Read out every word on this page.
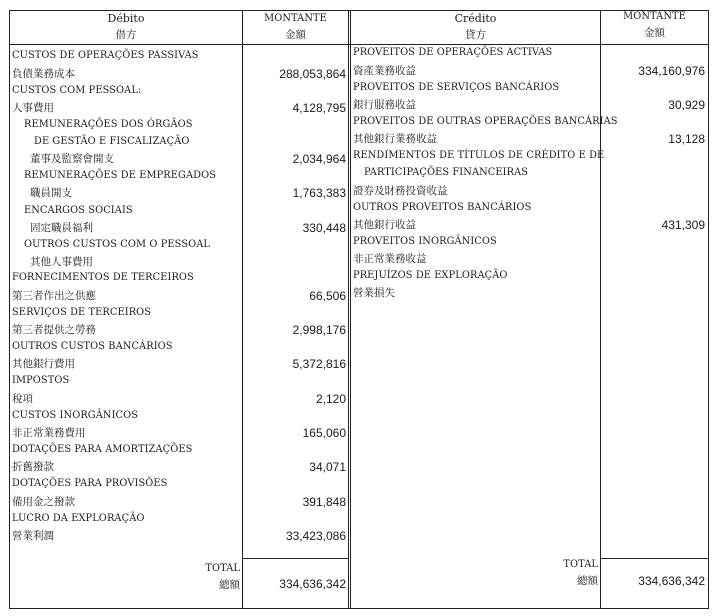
Débito
借方
MONTANTE
金額
Crédito
貸方
MONTANTE
金額
CUSTOS DE OPERAÇÕES PASSIVAS
負債業務成本
CUSTOS COM PESSOAL:
人事費用
REMUNERAÇÕES DOS ÓRGÃOS
DE GESTÃO E FISCALIZAÇÃO
董事及監察會開支
REMUNERAÇÕES DE EMPREGADOS
職員開支
ENCARGOS SOCIAIS
固定職員福利
OUTROS CUSTOS COM O PESSOAL
其他人事費用
FORNECIMENTOS DE TERCEIROS
第三者作出之供應
SERVIÇOS DE TERCEIROS
第三者提供之勞務
OUTROS CUSTOS BANCÁRIOS
其他銀行費用
IMPOSTOS
稅項
CUSTOS INORGÂNICOS
非正常業務費用
DOTAÇÕES PARA AMORTIZAÇÕES
折舊撥款
DOTAÇÕES PARA PROVISÕES
備用金之撥款
LUCRO DA EXPLORAÇÃO
營業利潤
288,053,864
4,128,795
2,034,964
1,763,383
330,448
66,506
2,998,176
5,372,816
2,120
165,060
34,071
391,848
33,423,086
PROVEITOS DE OPERAÇÕES ACTIVAS
資產業務收益
PROVEITOS DE SERVIÇOS BANCÁRIOS
銀行服務收益
PROVEITOS DE OUTRAS OPERAÇÕES BANCÁRIAS
其他銀行業務收益
RENDIMENTOS DE TÍTULOS DE CRÉDITO E DE
PARTICIPAÇÕES FINANCEIRAS
證券及財務投資收益
OUTROS PROVEITOS BANCÁRIOS
其他銀行收益
PROVEITOS INORGÂNICOS
非正常業務收益
PREJUÍZOS DE EXPLORAÇÃO
營業損失
334,160,976
30,929
13,128
431,309
TOTAL
總額	334,636,342
TOTAL
總額	334,636,342
